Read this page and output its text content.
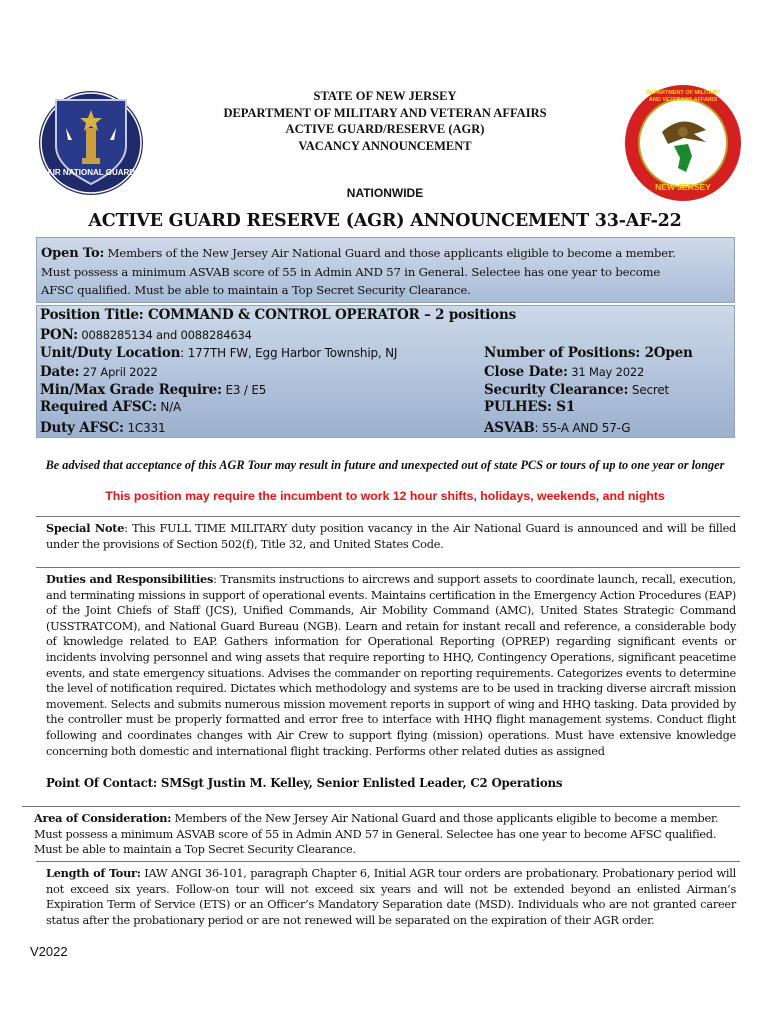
AIR NATIONAL GUARD
NEW JERSEY
DEPARTMENT OF MILITARY AND VETERANS AFFAIRS
STATE OF NEW JERSEY
DEPARTMENT OF MILITARY AND VETERAN AFFAIRS
ACTIVE GUARD/RESERVE (AGR)
VACANCY ANNOUNCEMENT
NATIONWIDE
ACTIVE GUARD RESERVE (AGR) ANNOUNCEMENT 33-AF-22

Open To: Members of the New Jersey Air National Guard and those applicants eligible to become a member.
Must possess a minimum ASVAB score of 55 in Admin AND 57 in General. Selectee has one year to become
AFSC qualified. Must be able to maintain a Top Secret Security Clearance.

Position Title: COMMAND & CONTROL OPERATOR – 2 positions
PON: 0088285134 and 0088284634
Unit/Duty Location: 177TH FW, Egg Harbor Township, NJ
Date: 27 April 2022
Min/Max Grade Require: E3 / E5
Required AFSC: N/A
Duty AFSC: 1C331
Number of Positions: 2Open
Close Date: 31 May 2022
Security Clearance: Secret
PULHES: S1
ASVAB: 55-A AND 57-G
Be advised that acceptance of this AGR Tour may result in future and unexpected out of state PCS or tours of up to one year or longer
This position may require the incumbent to work 12 hour shifts, holidays, weekends, and nights

Special Note: This FULL TIME MILITARY duty position vacancy in the Air National Guard is announced and will be filled under the provisions of Section 502(f), Title 32, and United States Code.

Duties and Responsibilities: Transmits instructions to aircrews and support assets to coordinate launch, recall, execution, and terminating missions in support of operational events. Maintains certification in the Emergency Action Procedures (EAP) of the Joint Chiefs of Staff (JCS), Unified Commands, Air Mobility Command (AMC), United States Strategic Command (USSTRATCOM), and National Guard Bureau (NGB). Learn and retain for instant recall and reference, a considerable body of knowledge related to EAP. Gathers information for Operational Reporting (OPREP) regarding significant events or incidents involving personnel and wing assets that require reporting to HHQ, Contingency Operations, significant peacetime events, and state emergency situations. Advises the commander on reporting requirements. Categorizes events to determine the level of notification required. Dictates which methodology and systems are to be used in tracking diverse aircraft mission movement. Selects and submits numerous mission movement reports in support of wing and HHQ tasking. Data provided by the controller must be properly formatted and error free to interface with HHQ flight management systems. Conduct flight following and coordinates changes with Air Crew to support flying (mission) operations. Must have extensive knowledge concerning both domestic and international flight tracking. Performs other related duties as assigned

Point Of Contact: SMSgt Justin M. Kelley, Senior Enlisted Leader, C2 Operations

Area of Consideration: Members of the New Jersey Air National Guard and those applicants eligible to become a member. Must possess a minimum ASVAB score of 55 in Admin AND 57 in General. Selectee has one year to become AFSC qualified. Must be able to maintain a Top Secret Security Clearance.

Length of Tour: IAW ANGI 36-101, paragraph Chapter 6, Initial AGR tour orders are probationary. Probationary period will not exceed six years. Follow-on tour will not exceed six years and will not be extended beyond an enlisted Airman’s Expiration Term of Service (ETS) or an Officer’s Mandatory Separation date (MSD). Individuals who are not granted career status after the probationary period or are not renewed will be separated on the expiration of their AGR order.

V2022
